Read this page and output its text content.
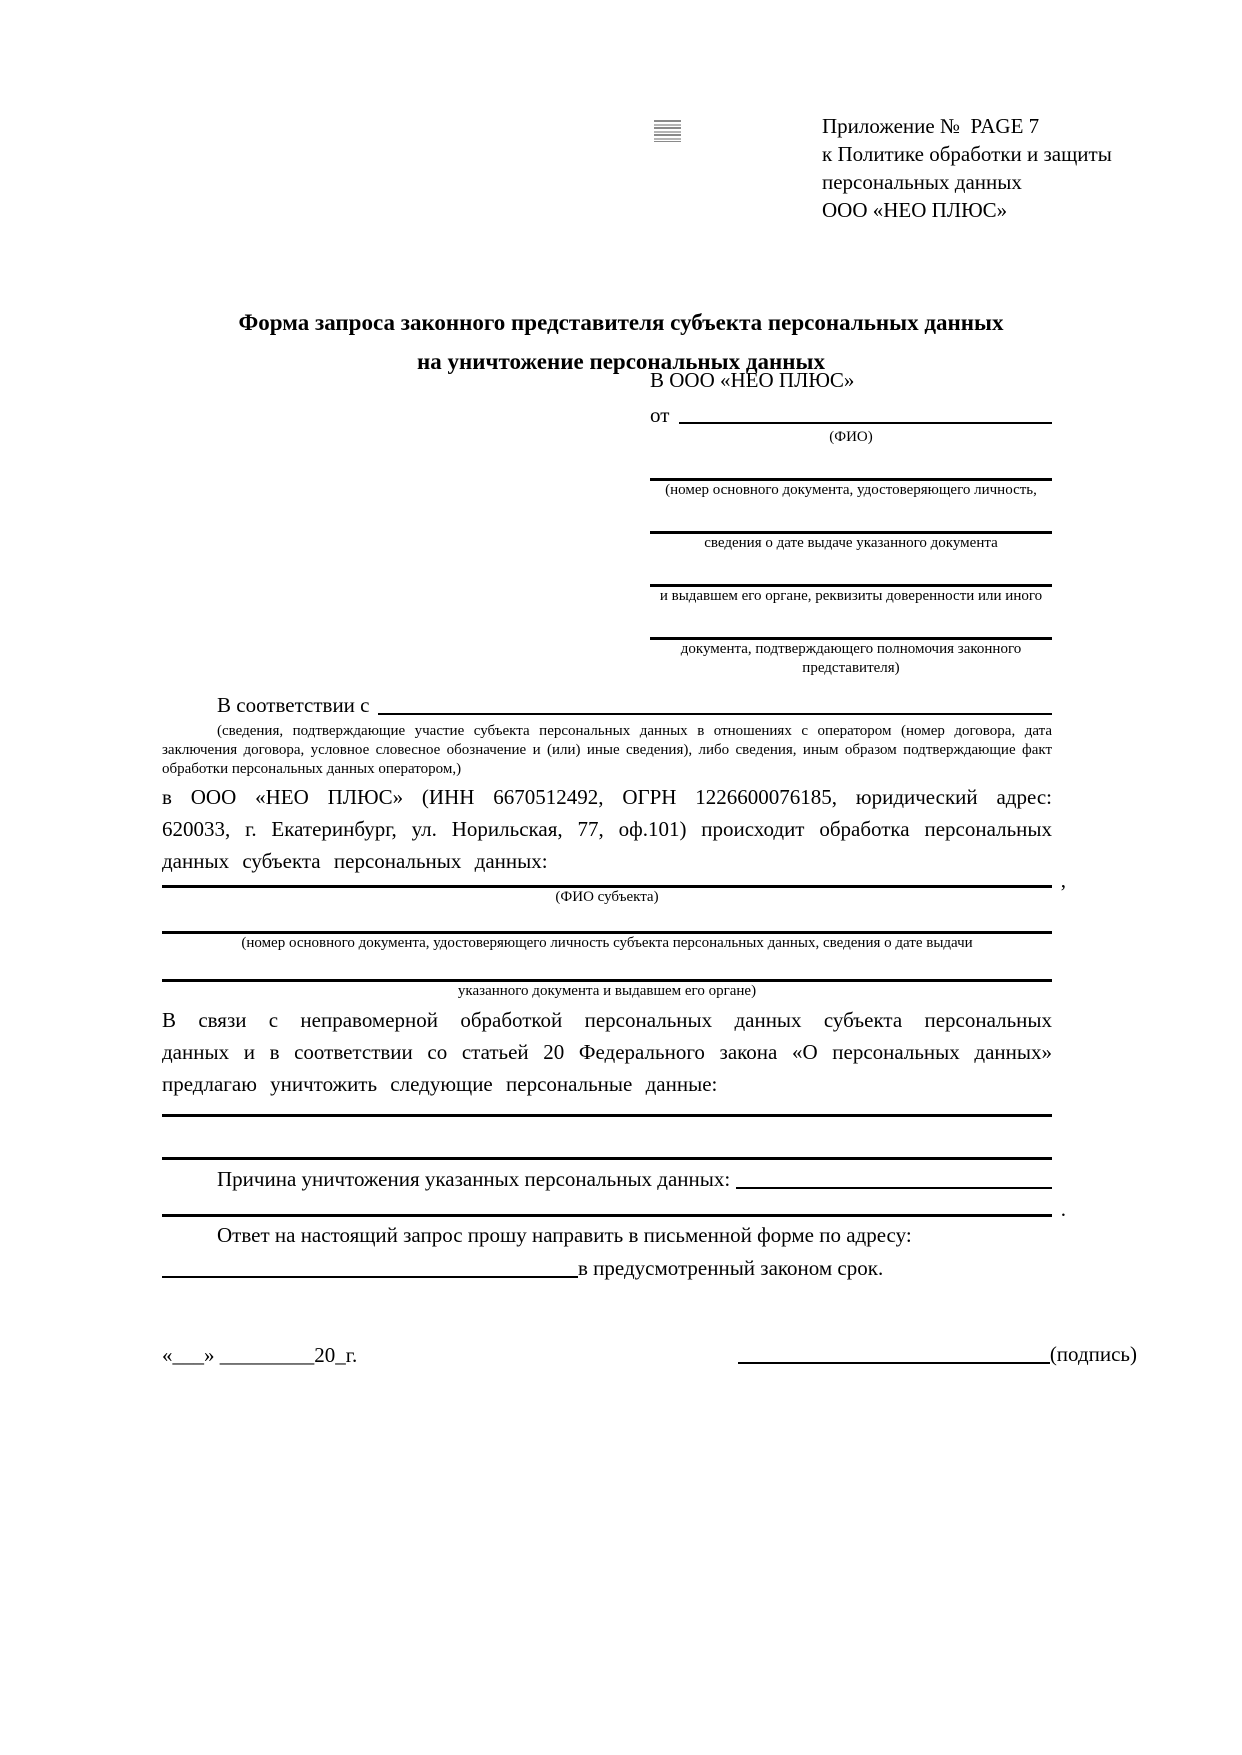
Приложение №  PAGE 7
к Политике обработки и защиты
персональных данных
ООО «НЕО ПЛЮС»
Форма запроса законного представителя субъекта персональных данных
на уничтожение персональных данных
В ООО «НЕО ПЛЮС»
от
(ФИО)
(номер основного документа, удостоверяющего личность,
сведения о дате выдаче указанного документа
и выдавшем его органе, реквизиты доверенности или иного
документа, подтверждающего полномочия законного представителя)
В соответствии с
(сведения, подтверждающие участие субъекта персональных данных в отношениях с оператором (номер договора, дата заключения договора, условное словесное обозначение и (или) иные сведения), либо сведения, иным образом подтверждающие факт обработки персональных данных оператором,)
в ООО «НЕО ПЛЮС» (ИНН 6670512492, ОГРН 1226600076185, юридический адрес: 620033, г. Екатеринбург, ул. Норильская, 77, оф.101) происходит обработка персональных данных субъекта персональных данных:
,
(ФИО субъекта)
(номер основного документа, удостоверяющего личность субъекта персональных данных, сведения о дате выдачи
указанного документа и выдавшем его органе)
В связи с неправомерной обработкой персональных данных субъекта персональных данных и в соответствии со статьей 20 Федерального закона «О персональных данных» предлагаю уничтожить следующие персональные данные:
Причина уничтожения указанных персональных данных:
.
Ответ на настоящий запрос прошу направить в письменной форме по адресу:
в предусмотренный законом срок.
«___» _________20_г.	(подпись)
